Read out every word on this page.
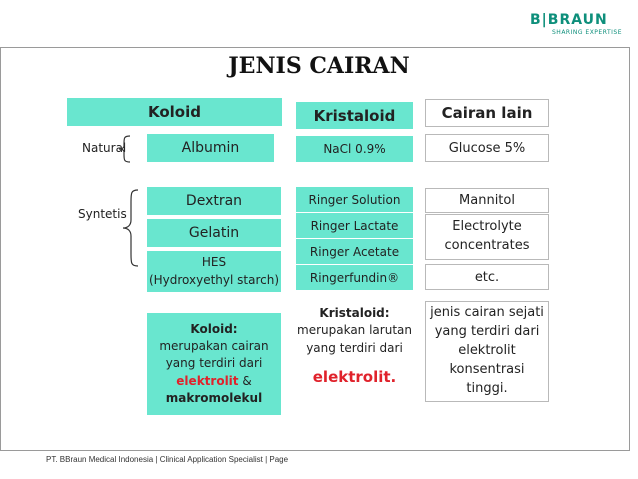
B|BRAUN
SHARING EXPERTISE
JENIS CAIRAN
Koloid	Kristaloid	Cairan lain
Natural
Syntetis
Albumin
Dextran
Gelatin
HES
(Hydroxyethyl starch)
NaCl 0.9%
Ringer Solution
Ringer Lactate
Ringer Acetate
Ringerfundin®
Glucose 5%
Mannitol
Electrolyte
concentrates
etc.
Koloid:
merupakan cairan
yang terdiri dari
elektrolit &
makromolekul
Kristaloid:
merupakan larutan
yang terdiri dari
elektrolit.
jenis cairan sejati
yang terdiri dari
elektrolit
konsentrasi
tinggi.
PT. BBraun Medical Indonesia | Clinical Application Specialist | Page
